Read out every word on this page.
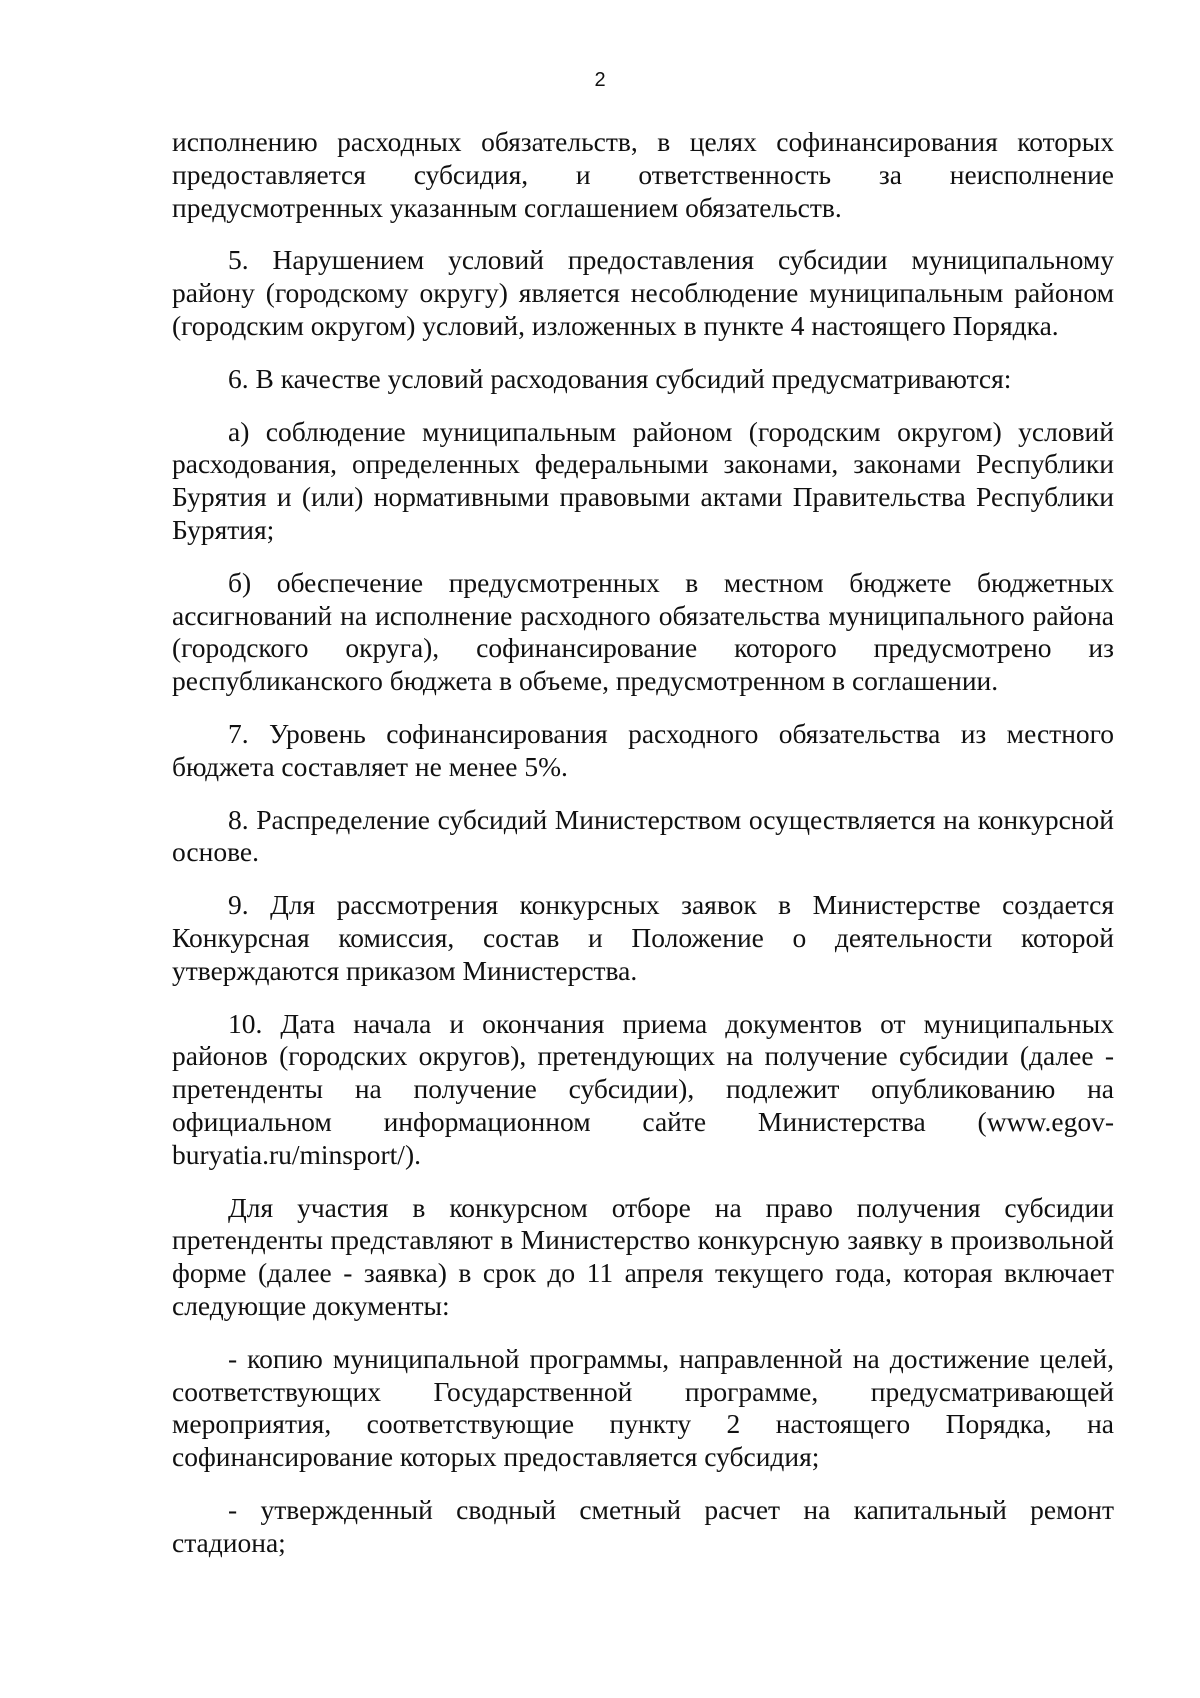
2

исполнению расходных обязательств, в целях софинансирования которых предоставляется субсидия, и ответственность за неисполнение предусмотренных указанным соглашением обязательств.

5. Нарушением условий предоставления субсидии муниципальному району (городскому округу) является несоблюдение муниципальным районом (городским округом) условий, изложенных в пункте 4 настоящего Порядка.

6. В качестве условий расходования субсидий предусматриваются:

а) соблюдение муниципальным районом (городским округом) условий расходования, определенных федеральными законами, законами Республики Бурятия и (или) нормативными правовыми актами Правительства Республики Бурятия;

б) обеспечение предусмотренных в местном бюджете бюджетных ассигнований на исполнение расходного обязательства муниципального района (городского округа), софинансирование которого предусмотрено из республиканского бюджета в объеме, предусмотренном в соглашении.

7. Уровень софинансирования расходного обязательства из местного бюджета составляет не менее 5%.

8. Распределение субсидий Министерством осуществляется на конкурсной основе.

9. Для рассмотрения конкурсных заявок в Министерстве создается Конкурсная комиссия, состав и Положение о деятельности которой утверждаются приказом Министерства.

10. Дата начала и окончания приема документов от муниципальных районов (городских округов), претендующих на получение субсидии (далее - претенденты на получение субсидии), подлежит опубликованию на официальном информационном сайте Министерства (www.egov-buryatia.ru/minsport/).

Для участия в конкурсном отборе на право получения субсидии претенденты представляют в Министерство конкурсную заявку в произвольной форме (далее - заявка) в срок до 11 апреля текущего года, которая включает следующие документы:

- копию муниципальной программы, направленной на достижение целей, соответствующих Государственной программе, предусматривающей мероприятия, соответствующие пункту 2 настоящего Порядка, на софинансирование которых предоставляется субсидия;

- утвержденный сводный сметный расчет на капитальный ремонт стадиона;
